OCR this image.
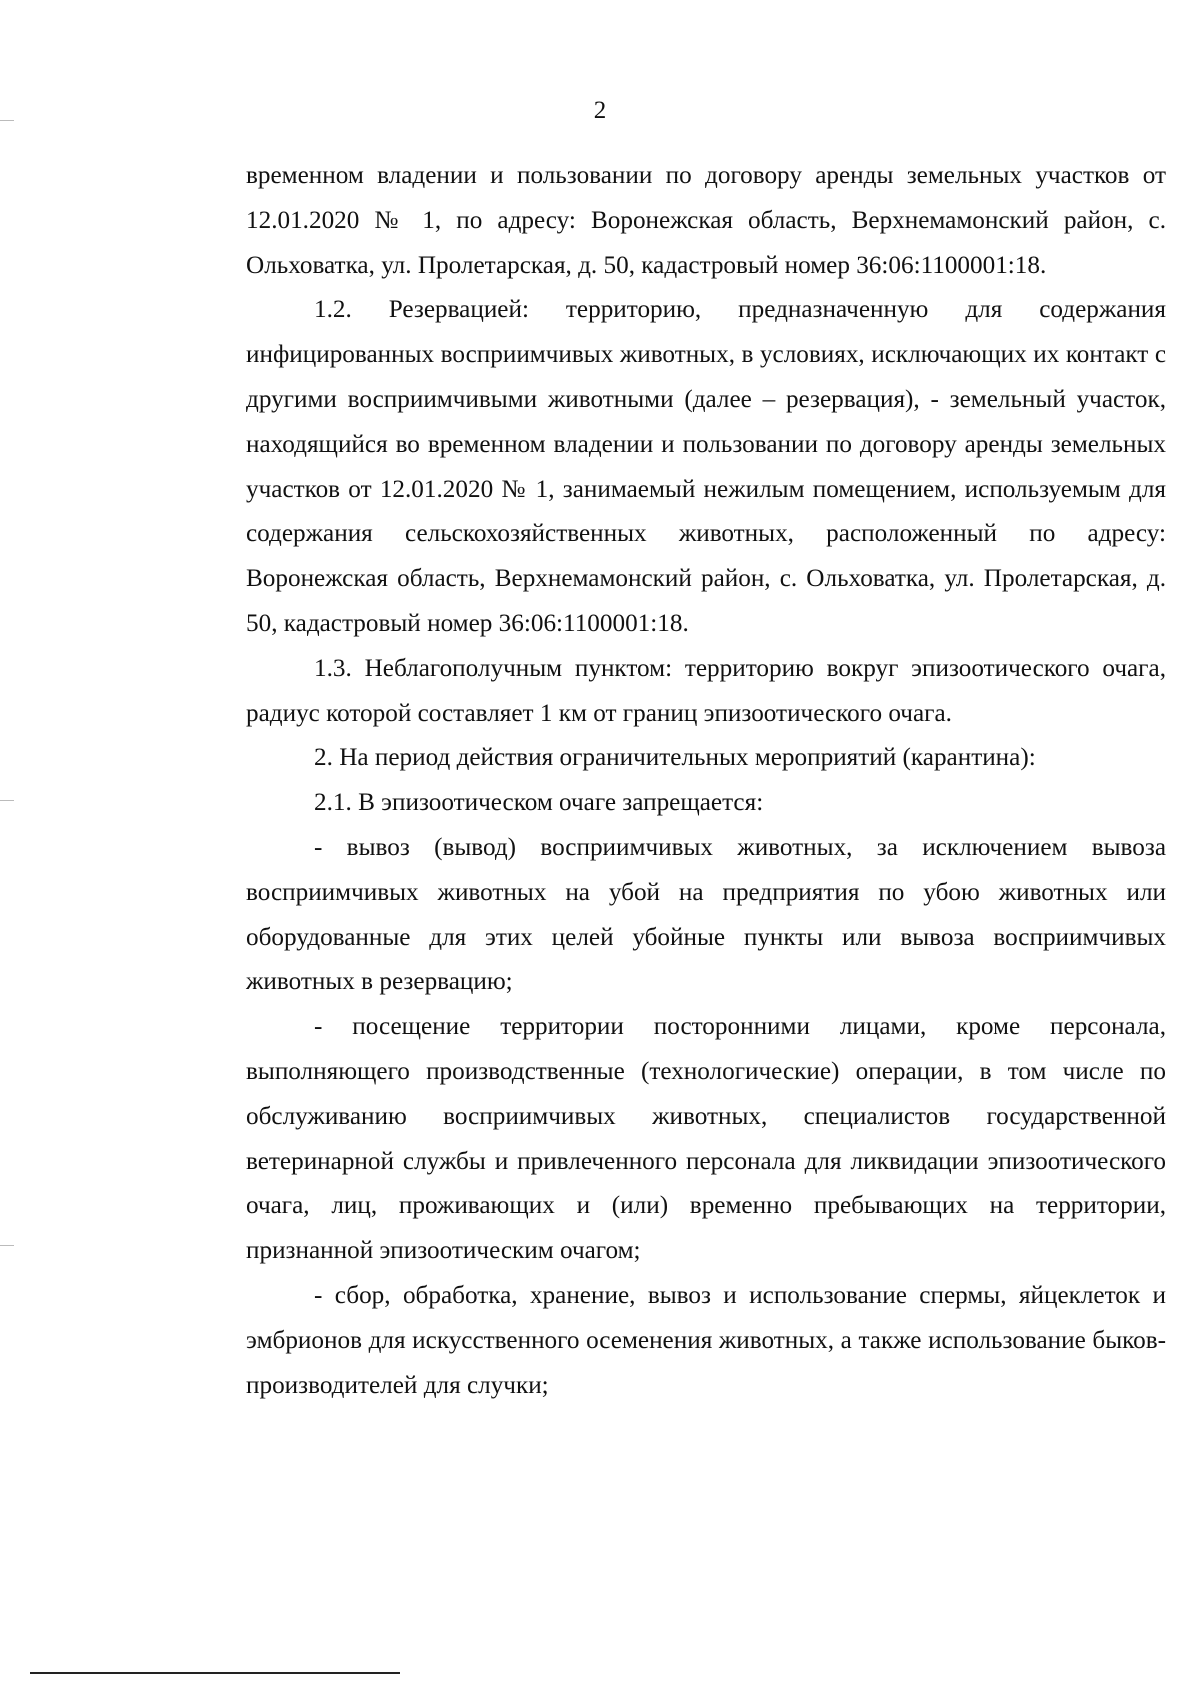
2

временном владении и пользовании по договору аренды земельных участков от 12.01.2020 № 1, по адресу: Воронежская область, Верхнемамонский район, с. Ольховатка, ул. Пролетарская, д. 50, кадастровый номер 36:06:1100001:18.

1.2. Резервацией: территорию, предназначенную для содержания инфицированных восприимчивых животных, в условиях, исключающих их контакт с другими восприимчивыми животными (далее – резервация), - земельный участок, находящийся во временном владении и пользовании по договору аренды земельных участков от 12.01.2020 № 1, занимаемый нежилым помещением, используемым для содержания сельскохозяйственных животных, расположенный по адресу: Воронежская область, Верхнемамонский район, с. Ольховатка, ул. Пролетарская, д. 50, кадастровый номер 36:06:1100001:18.

1.3. Неблагополучным пунктом: территорию вокруг эпизоотического очага, радиус которой составляет 1 км от границ эпизоотического очага.

2. На период действия ограничительных мероприятий (карантина):

2.1. В эпизоотическом очаге запрещается:

- вывоз (вывод) восприимчивых животных, за исключением вывоза восприимчивых животных на убой на предприятия по убою животных или оборудованные для этих целей убойные пункты или вывоза восприимчивых животных в резервацию;

- посещение территории посторонними лицами, кроме персонала, выполняющего производственные (технологические) операции, в том числе по обслуживанию восприимчивых животных, специалистов государственной ветеринарной службы и привлеченного персонала для ликвидации эпизоотического очага, лиц, проживающих и (или) временно пребывающих на территории, признанной эпизоотическим очагом;

- сбор, обработка, хранение, вывоз и использование спермы, яйцеклеток и эмбрионов для искусственного осеменения животных, а также использование быков-производителей для случки;
